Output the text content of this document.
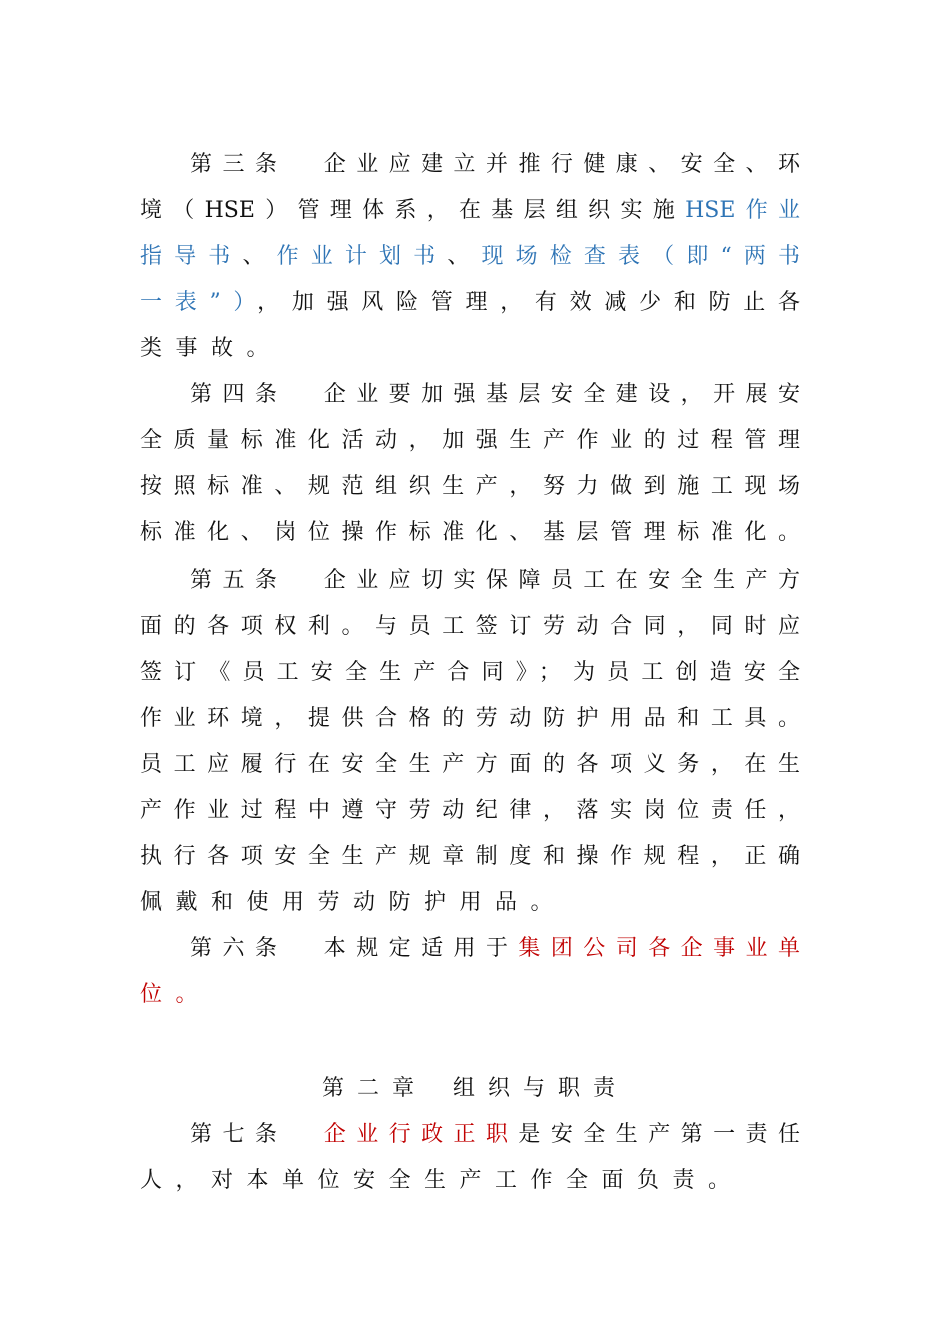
第三条 企业应建立并推行健康、安全、环
境（HSE）管理体系，在基层组织实施HSE作业
指导书、作业计划书、现场检查表（即“两书
一表”），加强风险管理，有效减少和防止各
类事故。
第四条 企业要加强基层安全建设，开展安
全质量标准化活动，加强生产作业的过程管理
按照标准、规范组织生产，努力做到施工现场
标准化、岗位操作标准化、基层管理标准化。
第五条 企业应切实保障员工在安全生产方
面的各项权利。与员工签订劳动合同，同时应
签订《员工安全生产合同》；为员工创造安全
作业环境，提供合格的劳动防护用品和工具。
员工应履行在安全生产方面的各项义务，在生
产作业过程中遵守劳动纪律，落实岗位责任，
执行各项安全生产规章制度和操作规程，正确
佩戴和使用劳动防护用品。
第六条 本规定适用于集团公司各企事业单
位。
第二章 组织与职责
第七条 企业行政正职是安全生产第一责任
人，对本单位安全生产工作全面负责。
